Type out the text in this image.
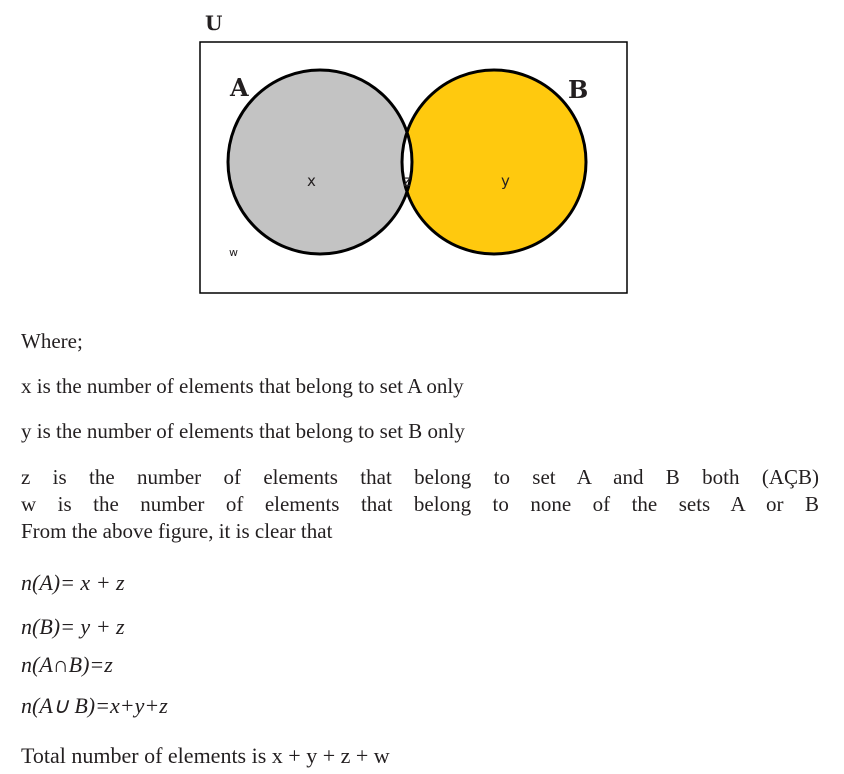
U
A	B
x	z	y
w

Where;

x is the number of elements that belong to set A only

y is the number of elements that belong to set B only

z is the number of elements that belong to set A and B both (AÇB)

w is the number of elements that belong to none of the sets A or B

From the above figure, it is clear that

n(A)= x + z

n(B)= y + z

n(A∩B)=z

n(A∪ B)=x+y+z

Total number of elements is x + y + z + w
